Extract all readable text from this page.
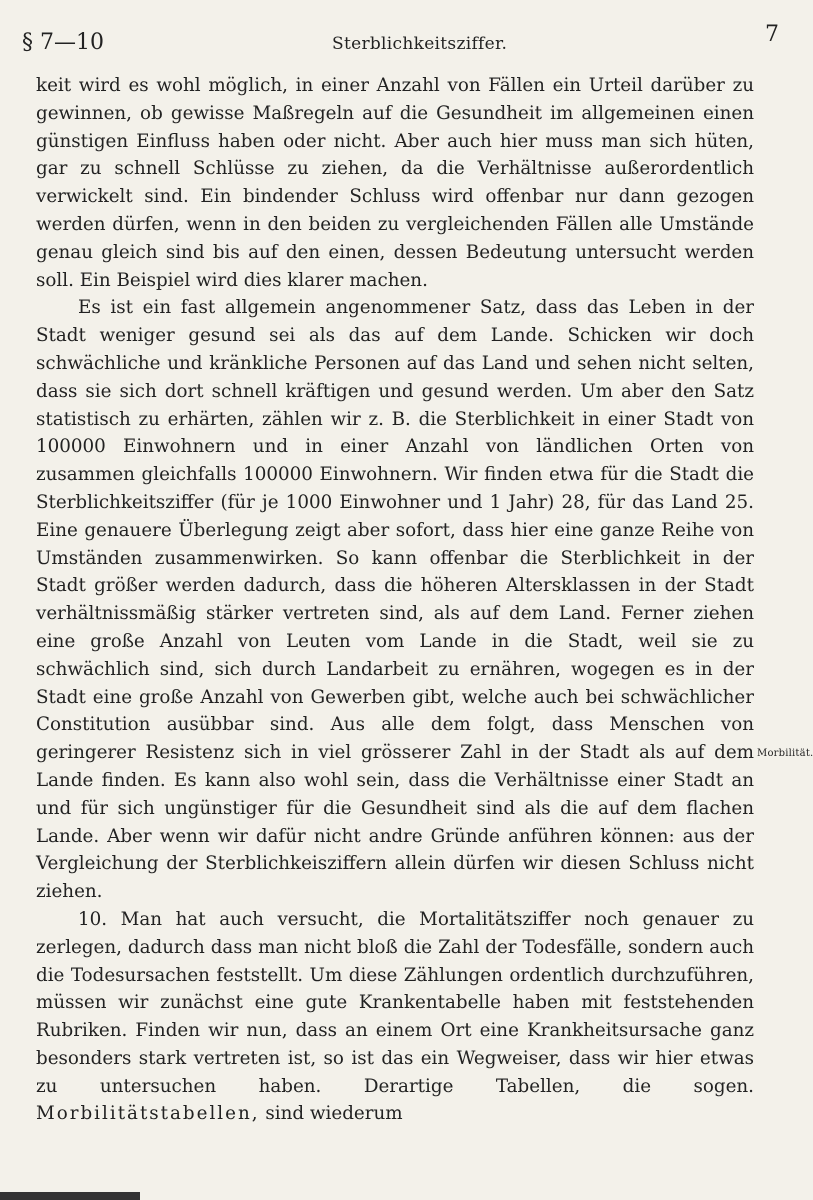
§ 7—10	Sterblichkeitsziffer.	7

keit wird es wohl möglich, in einer Anzahl von Fällen ein Urteil darüber zu gewinnen, ob gewisse Maßregeln auf die Gesundheit im allgemeinen einen günstigen Einfluss haben oder nicht. Aber auch hier muss man sich hüten, gar zu schnell Schlüsse zu ziehen, da die Verhältnisse außerordentlich verwickelt sind. Ein bindender Schluss wird offenbar nur dann gezogen werden dürfen, wenn in den beiden zu vergleichenden Fällen alle Umstände genau gleich sind bis auf den einen, dessen Bedeutung untersucht werden soll. Ein Beispiel wird dies klarer machen.

Es ist ein fast allgemein angenommener Satz, dass das Leben in der Stadt weniger gesund sei als das auf dem Lande. Schicken wir doch schwächliche und kränkliche Personen auf das Land und sehen nicht selten, dass sie sich dort schnell kräftigen und gesund werden. Um aber den Satz statistisch zu erhärten, zählen wir z. B. die Sterblichkeit in einer Stadt von 100000 Einwohnern und in einer Anzahl von ländlichen Orten von zusammen gleichfalls 100000 Einwohnern. Wir finden etwa für die Stadt die Sterblichkeitsziffer (für je 1000 Einwohner und 1 Jahr) 28, für das Land 25. Eine genauere Überlegung zeigt aber sofort, dass hier eine ganze Reihe von Umständen zusammenwirken. So kann offenbar die Sterblichkeit in der Stadt größer werden dadurch, dass die höheren Altersklassen in der Stadt verhältnissmäßig stärker vertreten sind, als auf dem Land. Ferner ziehen eine große Anzahl von Leuten vom Lande in die Stadt, weil sie zu schwächlich sind, sich durch Landarbeit zu ernähren, wogegen es in der Stadt eine große Anzahl von Gewerben gibt, welche auch bei schwächlicher Constitution ausübbar sind. Aus alle dem folgt, dass Menschen von geringerer Resistenz sich in viel grösserer Zahl in der Stadt als auf dem Lande finden. Es kann also wohl sein, dass die Verhältnisse einer Stadt an und für sich ungünstiger für die Gesundheit sind als die auf dem flachen Lande. Aber wenn wir dafür nicht andre Gründe anführen können: aus der Vergleichung der Sterblichkeisziffern allein dürfen wir diesen Schluss nicht ziehen.

10. Man hat auch versucht, die Mortalitätsziffer noch genauer zu zerlegen, dadurch dass man nicht bloß die Zahl der Todesfälle, sondern auch die Todesursachen feststellt. Um diese Zählungen ordentlich durchzuführen, müssen wir zunächst eine gute Krankentabelle haben mit feststehenden Rubriken. Finden wir nun, dass an einem Ort eine Krankheitsursache ganz besonders stark vertreten ist, so ist das ein Wegweiser, dass wir hier etwas zu untersuchen haben. Derartige Tabellen, die sogen. Morbilitätstabellen, sind wiederum

Morbilität.
